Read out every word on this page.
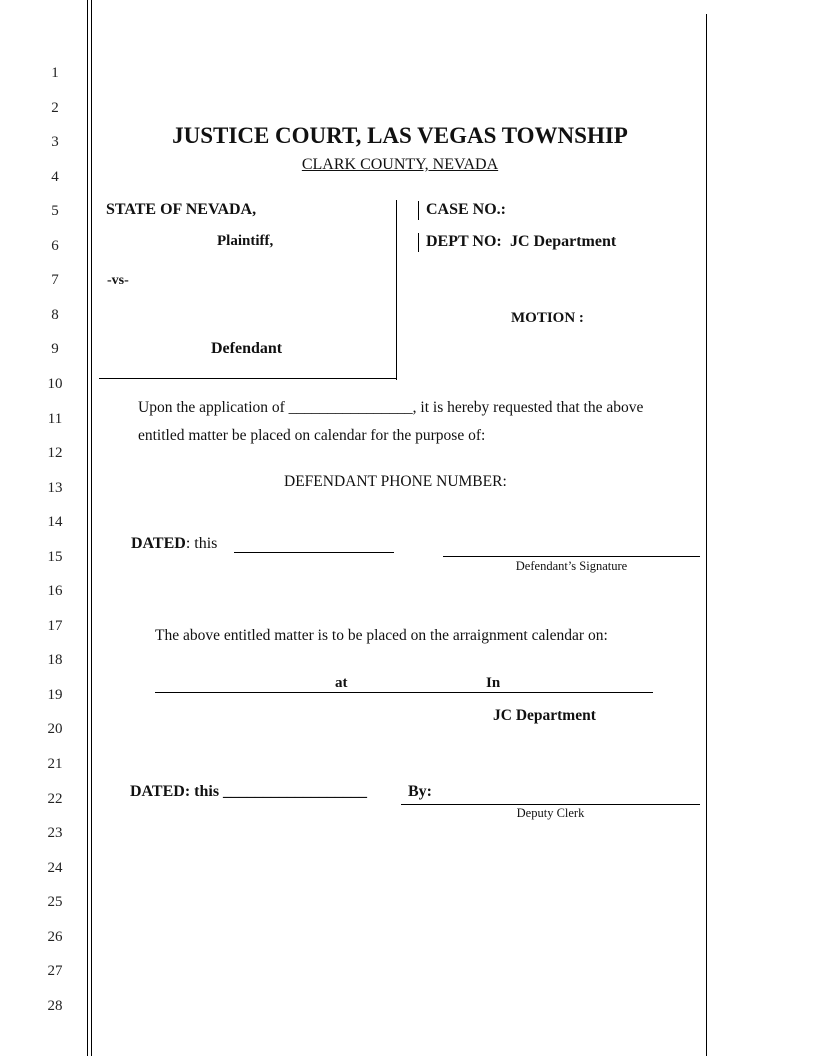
1
2
3
4
5
6
7
8
9
10
11
12
13
14
15
16
17
18
19
20
21
22
23
24
25
26
27
28
JUSTICE COURT, LAS VEGAS TOWNSHIP
CLARK COUNTY, NEVADA
STATE OF NEVADA,
Plaintiff,
-vs-
Defendant
CASE NO.:
DEPT NO: JC Department
MOTION :
Upon the application of ________________, it is hereby requested that the above
entitled matter be placed on calendar for the purpose of:
DEFENDANT PHONE NUMBER:
DATED: this
Defendant’s Signature
The above entitled matter is to be placed on the arraignment calendar on:
at	In
JC Department
DATED: this __________________	By:
Deputy Clerk
